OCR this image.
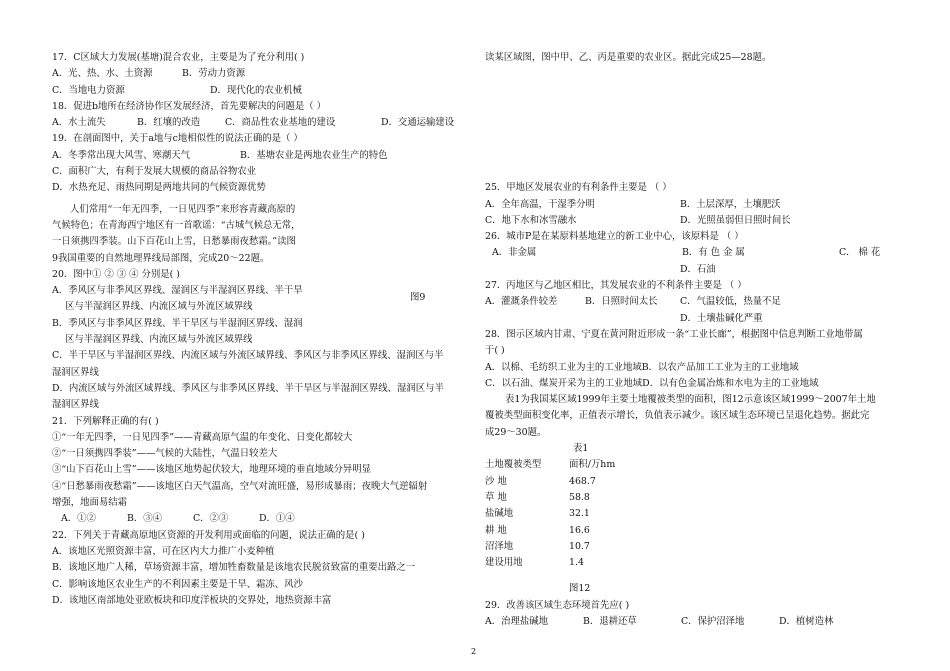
17．C区域大力发展(基塘)混合农业，主要是为了充分利用( )
A．光、热、水、土资源	B．劳动力资源
C．当地电力资源	D．现代化的农业机械
18．促进b地所在经济协作区发展经济，首先要解决的问题是（ ）
A．水土流失	B．红壤的改造	C．商品性农业基地的建设	D．交通运输建设
19．在剖面图中，关于a地与c地相似性的说法正确的是（ ）
A．冬季常出现大风雪、寒潮天气	B．基塘农业是两地农业生产的特色
C．面积广大，有利于发展大规模的商品谷物农业
D．水热充足、雨热同期是两地共同的气候资源优势
人们常用“一年无四季，一日见四季”来形容青藏高原的
气候特色；在青海西宁地区有一首歌谣：“古城气候总无常，
一日须携四季装。山下百花山上雪，日愁暴雨夜愁霜。”读图
9我国重要的自然地理界线局部图，完成20～22题。
20．图中① ② ③ ④ 分别是( )
A．季风区与非季风区界线、湿润区与半湿润区界线、半干旱
区与半湿润区界线、内流区域与外流区域界线
B．季风区与非季风区界线、半干旱区与半湿润区界线、湿润
区与半湿润区界线、内流区域与外流区域界线
C．半干旱区与半湿润区界线、内流区域与外流区域界线、季风区与非季风区界线、湿润区与半
湿润区界线
D．内流区域与外流区域界线、季风区与非季风区界线、半干旱区与半湿润区界线、湿润区与半
湿润区界线
21．下列解释正确的有( )
①“一年无四季，一日见四季”——青藏高原气温的年变化、日变化都较大
②“一日须携四季装”——气候的大陆性，气温日较差大
③“山下百花山上雪”——该地区地势起伏较大，地理环境的垂直地域分异明显
④“日愁暴雨夜愁霜”——该地区白天气温高，空气对流旺盛，易形成暴雨；夜晚大气逆辐射
增强，地面易结霜
A．①②	B．③④	C．②③	D．①④
22．下列关于青藏高原地区资源的开发利用或面临的问题，说法正确的是( )
A．该地区光照资源丰富，可在区内大力推广小麦种植
B．该地区地广人稀，草场资源丰富，增加牲畜数量是该地农民脱贫致富的重要出路之一
C．影响该地区农业生产的不利因素主要是干旱、霜冻、风沙
D．该地区南部地处亚欧板块和印度洋板块的交界处，地热资源丰富
图9
读某区域图，图中甲、乙、丙是重要的农业区。据此完成25—28题。
25．甲地区发展农业的有利条件主要是 （ ）
A．全年高温，干湿季分明	B．土层深厚，土壤肥沃
C．地下水和冰雪融水	D．光照虽弱但日照时间长
26．城市P是在某原料基地建立的新工业中心，该原料是 （ ）
A．非金属	B．有 色 金 属	C． 棉 花
D．石油
27．丙地区与乙地区相比，其发展农业的不利条件主要是 （ ）
A．灌溉条件较差	B．日照时间太长	C．气温较低，热量不足
D．土壤盐碱化严重
28．图示区域内甘肃、宁夏在黄河附近形成一条“工业长廊”，根据图中信息判断工业地带属
于( )
A．以棉、毛纺织工业为主的工业地域B．以农产品加工工业为主的工业地域
C．以石油、煤炭开采为主的工业地域D．以有色金属冶炼和水电为主的工业地域
表1为我国某区域1999年主要土地覆被类型的面积，图12示意该区域1999～2007年土地
覆被类型面积变化率，正值表示增长，负值表示减少。该区域生态环境已呈退化趋势。据此完
成29～30题。
表1
土地覆被类型	面积/万hm
沙 地	468.7
草 地	58.8
盐碱地	32.1
耕 地	16.6
沼泽地	10.7
建设用地	1.4
图12
29．改善该区域生态环境首先应( )
A．治理盐碱地	B．退耕还草	C．保护沼泽地	D．植树造林
2
